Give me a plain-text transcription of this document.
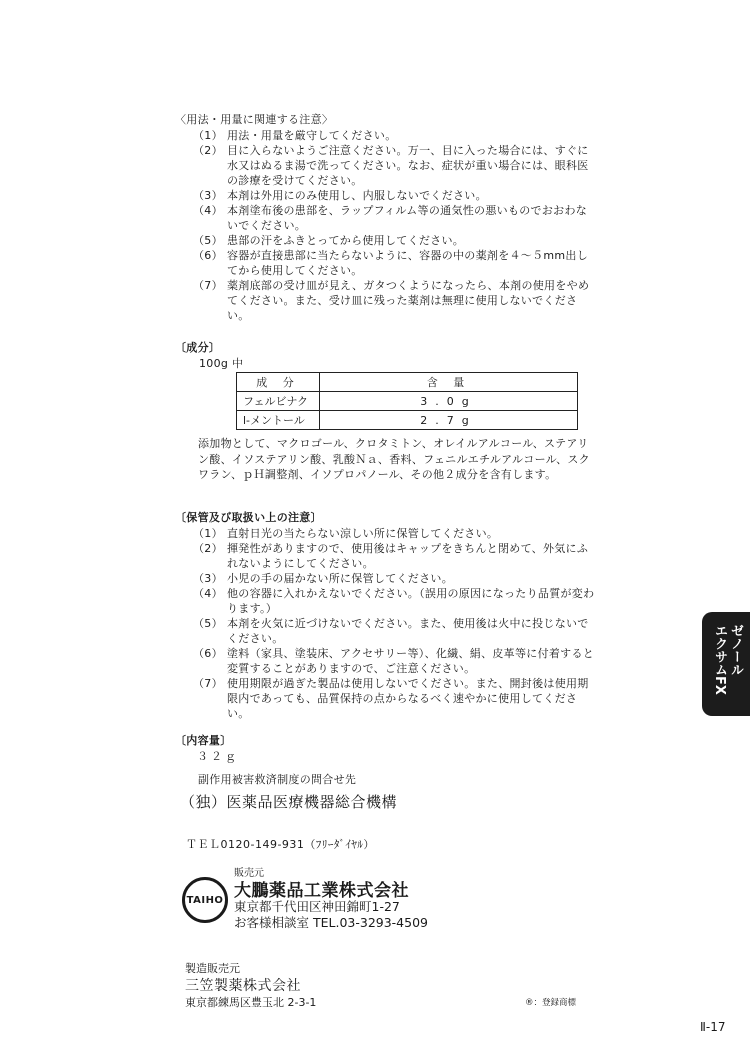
〈用法・用量に関連する注意〉
（1） 用法・用量を厳守してください。
（2） 目に入らないようご注意ください。万一、目に入った場合には、すぐに水又はぬるま湯で洗ってください。なお、症状が重い場合には、眼科医の診療を受けてください。
（3） 本剤は外用にのみ使用し、内服しないでください。
（4） 本剤塗布後の患部を、ラップフィルム等の通気性の悪いものでおおわないでください。
（5） 患部の汗をふきとってから使用してください。
（6） 容器が直接患部に当たらないように、容器の中の薬剤を４～５mm出してから使用してください。
（7） 薬剤底部の受け皿が見え、ガタつくようになったら、本剤の使用をやめてください。また、受け皿に残った薬剤は無理に使用しないでください。
〔成分〕
100g 中
成 分	含 量
フェルビナク	3.0g
l-メントール	2.7g
添加物として、マクロゴール、クロタミトン、オレイルアルコール、ステアリン酸、イソステアリン酸、乳酸Ｎａ、香料、フェニルエチルアルコール、スクワラン、ｐＨ調整剤、イソプロパノール、その他２成分を含有します。
〔保管及び取扱い上の注意〕
（1） 直射日光の当たらない涼しい所に保管してください。
（2） 揮発性がありますので、使用後はキャップをきちんと閉めて、外気にふれないようにしてください。
（3） 小児の手の届かない所に保管してください。
（4） 他の容器に入れかえないでください。（誤用の原因になったり品質が変わります。）
（5） 本剤を火気に近づけないでください。また、使用後は火中に投じないでください。
（6） 塗料（家具、塗装床、アクセサリー等）、化繊、絹、皮革等に付着すると変質することがありますので、ご注意ください。
（7） 使用期限が過ぎた製品は使用しないでください。また、開封後は使用期限内であっても、品質保持の点からなるべく速やかに使用してください。
〔内容量〕
３２ｇ
副作用被害救済制度の問合せ先
（独）医薬品医療機器総合機構
ＴＥＬ0120-149-931（ﾌﾘｰﾀﾞｲﾔﾙ）
販売元
TAIHO 大鵬薬品工業株式会社
東京都千代田区神田錦町1-27
お客様相談室 TEL.03-3293-4509
製造販売元
三笠製薬株式会社
東京都練馬区豊玉北 2-3-1	®：登録商標
ゼノール
エクサムFX
Ⅱ-17
